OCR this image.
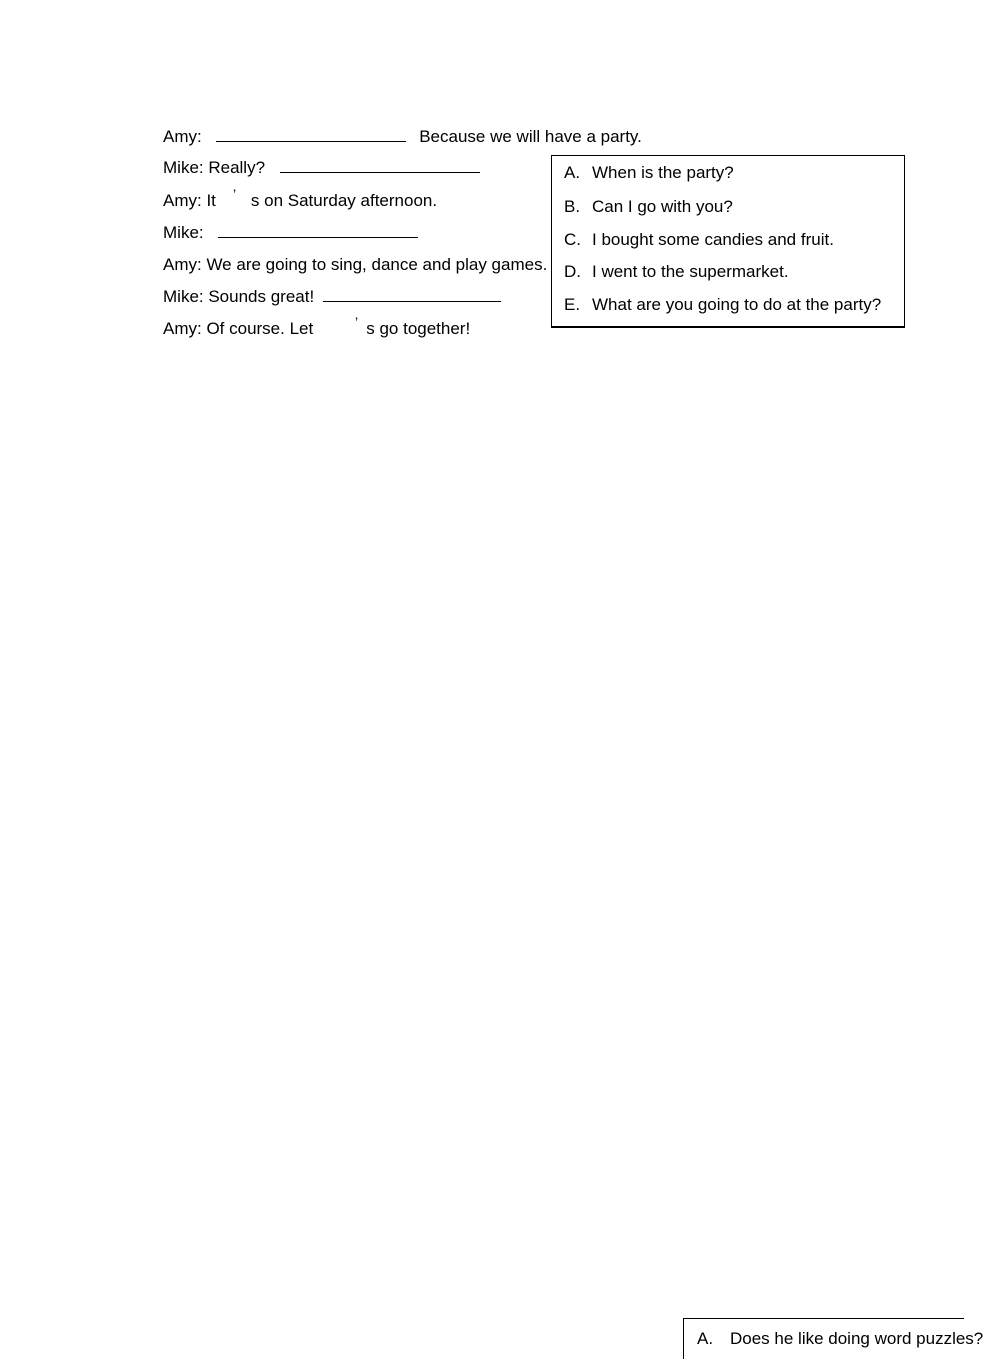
Amy:	Because we will have a party.
Mike: Really?
Amy: It s on Saturday afternoon.
’
Mike:
Amy: We are going to sing, dance and play games.
Mike: Sounds great!
Amy: Of course. Let	s go together!
’
A. When is the party?
B. Can I go with you?
C. I bought some candies and fruit.
D. I went to the supermarket.
E. What are you going to do at the party?
A. Does he like doing word puzzles?
